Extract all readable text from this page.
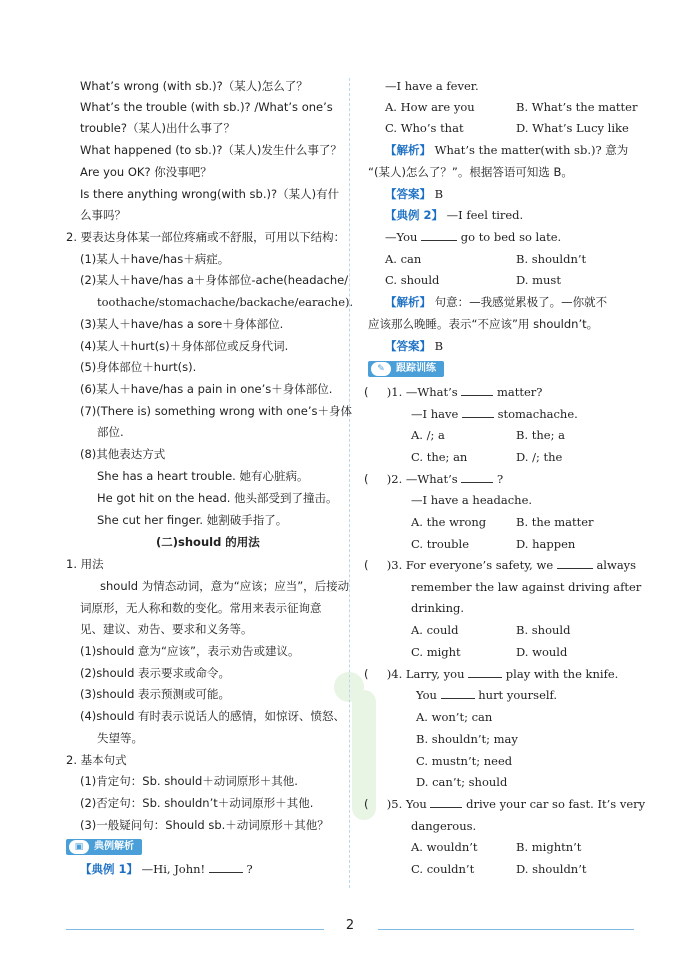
What’s wrong (with sb.)?（某人)怎么了？
What’s the trouble (with sb.)? /What’s one’s
trouble?（某人)出什么事了？
What happened (to sb.)?（某人)发生什么事了？
Are you OK? 你没事吧？
Is there anything wrong(with sb.)?（某人)有什
么事吗？
2. 要表达身体某一部位疼痛或不舒服，可用以下结构：
(1)某人＋have/has＋病症。
(2)某人＋have/has a＋身体部位-ache(headache/
toothache/stomachache/backache/earache).
(3)某人＋have/has a sore＋身体部位.
(4)某人＋hurt(s)＋身体部位或反身代词.
(5)身体部位＋hurt(s).
(6)某人＋have/has a pain in one’s＋身体部位.
(7)(There is) something wrong with one’s＋身体
部位.
(8)其他表达方式
She has a heart trouble. 她有心脏病。
He got hit on the head. 他头部受到了撞击。
She cut her finger. 她割破手指了。
(二)should 的用法
1. 用法
should 为情态动词，意为“应该；应当”，后接动
词原形，无人称和数的变化。常用来表示征询意
见、建议、劝告、要求和义务等。
(1)should 意为“应该”，表示劝告或建议。
(2)should 表示要求或命令。
(3)should 表示预测或可能。
(4)should 有时表示说话人的感情，如惊讶、愤怒、
失望等。
2. 基本句式
(1)肯定句：Sb. should＋动词原形＋其他.
(2)否定句：Sb. shouldn’t＋动词原形＋其他.
(3)一般疑问句：Should sb.＋动词原形＋其他？
▣	典例解析
【典例 1】 —Hi, John!	?
—I have a fever.
A. How are you	B. What’s the matter
C. Who’s that	D. What’s Lucy like
【解析】 What’s the matter(with sb.)? 意为
“(某人)怎么了？”。根据答语可知选 B。
【答案】 B
【典例 2】 —I feel tired.
—You	go to bed so late.
A. can	B. shouldn’t
C. should	D. must
【解析】 句意：—我感觉累极了。—你就不
应该那么晚睡。表示“不应该”用 shouldn’t。
【答案】 B
✎	跟踪训练
(     )1. —What’s	matter?
—I have	stomachache.
A. /; a	B. the; a
C. the; an	D. /; the
(     )2. —What’s	?
—I have a headache.
A. the wrong	B. the matter
C. trouble	D. happen
(     )3. For everyone’s safety, we	always
remember the law against driving after
drinking.
A. could	B. should
C. might	D. would
(     )4. Larry, you	play with the knife.
You	hurt yourself.
A. won’t; can
B. shouldn’t; may
C. mustn’t; need
D. can’t; should
(     )5. You	drive your car so fast. It’s very
dangerous.
A. wouldn’t	B. mightn’t
C. couldn’t	D. shouldn’t
2
